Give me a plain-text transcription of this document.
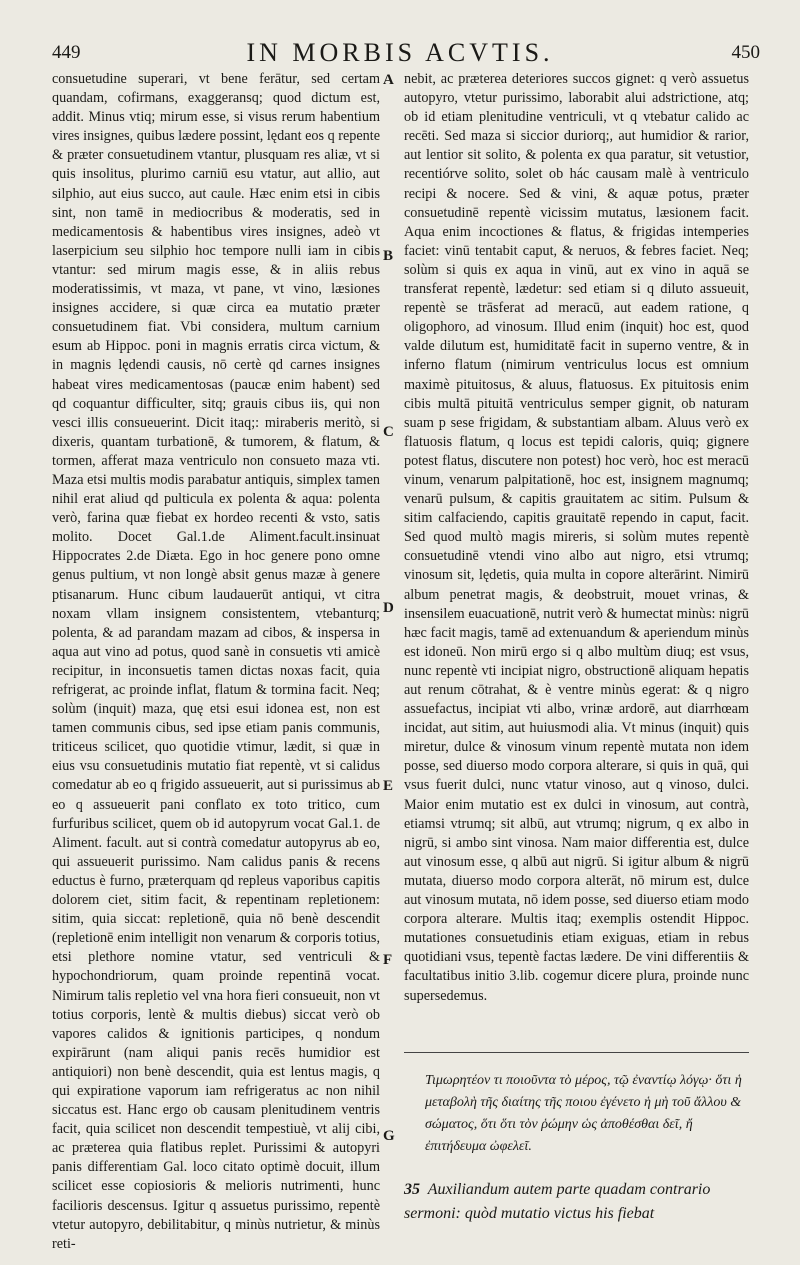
449	IN MORBIS ACVTIS.	450

consuetudine superari, vt bene ferātur, sed certam quandam, cofirmans, exaggeransq; quod dictum est, addit. Minus vtiq; mirum esse, si visus rerum habentium vires insignes, quibus lædere possint, lędant eos q repente & præter consuetudinem vtantur, plusquam res aliæ, vt si quis insolitus, plurimo carniū esu vtatur, aut allio, aut silphio, aut eius succo, aut caule. Hæc enim etsi in cibis sint, non tamē in mediocribus & moderatis, sed in medicamentosis & habentibus vires insignes, adeò vt laserpicium seu silphio hoc tempore nulli iam in cibis vtantur: sed mirum magis esse, & in aliis rebus moderatissimis, vt maza, vt pane, vt vino, læsiones insignes accidere, si quæ circa ea mutatio præter consuetudinem fiat. Vbi considera, multum carnium esum ab Hippoc. poni in magnis erratis circa victum, & in magnis lędendi causis, nō certè qd carnes insignes habeat vires medicamentosas (paucæ enim habent) sed qd coquantur difficulter, sitq; grauis cibus iis, qui non vesci illis consueuerint. Dicit itaq;: miraberis meritò, si dixeris, quantam turbationē, & tumorem, & flatum, & tormen, afferat maza ventriculo non consueto maza vti. Maza etsi multis modis parabatur antiquis, simplex tamen nihil erat aliud qd pulticula ex polenta & aqua: polenta verò, farina quæ fiebat ex hordeo recenti & vsto, satis molito. Docet Gal.1.de Aliment.facult.insinuat Hippocrates 2.de Diæta. Ego in hoc genere pono omne genus pultium, vt non longè absit genus mazæ à genere ptisanarum. Hunc cibum laudauerūt antiqui, vt citra noxam vllam insignem consistentem, vtebanturq; polenta, & ad parandam mazam ad cibos, & inspersa in aqua aut vino ad potus, quod sanè in consuetis vti amicè recipitur, in inconsuetis tamen dictas noxas facit, quia refrigerat, ac proinde inflat, flatum & tormina facit. Neq; solùm (inquit) maza, quę etsi esui idonea est, non est tamen communis cibus, sed ipse etiam panis communis, triticeus scilicet, quo quotidie vtimur, lædit, si quæ in eius vsu consuetudinis mutatio fiat repentè, vt si calidus comedatur ab eo q frigido assueuerit, aut si purissimus ab eo q assueuerit pani conflato ex toto tritico, cum furfuribus scilicet, quem ob id autopyrum vocat Gal.1. de Aliment. facult. aut si contrà comedatur autopyrus ab eo, qui assueuerit purissimo. Nam calidus panis & recens eductus è furno, præterquam qd repleus vaporibus capitis dolorem ciet, sitim facit, & repentinam repletionem: sitim, quia siccat: repletionē, quia nō benè descendit (repletionē enim intelligit non venarum & corporis totius, etsi plethore nomine vtatur, sed ventriculi & hypochondriorum, quam proinde repentinā vocat. Nimirum talis repletio vel vna hora fieri consueuit, non vt totius corporis, lentè & multis diebus) siccat verò ob vapores calidos & ignitionis participes, q nondum expirārunt (nam aliqui panis recēs humidior est antiquiori) non benè descendit, quia est lentus magis, q qui expiratione vaporum iam refrigeratus ac non nihil siccatus est. Hanc ergo ob causam plenitudinem ventris facit, quia scilicet non descendit tempestiuè, vt alij cibi, ac præterea quia flatibus replet. Purissimi & autopyri panis differentiam Gal. loco citato optimè docuit, illum scilicet esse copiosioris & melioris nutrimenti, hunc facilioris descensus. Igitur q assuetus purissimo, repentè vtetur autopyro, debilitabitur, q minùs nutrietur, & minùs reti-

A
B
C
D
E
F
G

nebit, ac præterea deteriores succos gignet: q verò assuetus autopyro, vtetur purissimo, laborabit alui adstrictione, atq; ob id etiam plenitudine ventriculi, vt q vtebatur calido ac recēti. Sed maza si siccior duriorq;, aut humidior & rarior, aut lentior sit solito, & polenta ex qua paratur, sit vetustior, recentiórve solito, solet ob hác causam malè à ventriculo recipi & nocere. Sed & vini, & aquæ potus, præter consuetudinē repentè vicissim mutatus, læsionem facit. Aqua enim incoctiones & flatus, & frigidas intemperies faciet: vinū tentabit caput, & neruos, & febres faciet. Neq; solùm si quis ex aqua in vinū, aut ex vino in aquā se transferat repentè, lædetur: sed etiam si q diluto assueuit, repentè se trāsferat ad meracū, aut eadem ratione, q oligophoro, ad vinosum. Illud enim (inquit) hoc est, quod valde dilutum est, humiditatē facit in superno ventre, & in inferno flatum (nimirum ventriculus locus est omnium maximè pituitosus, & aluus, flatuosus. Ex pituitosis enim cibis multā pituitā ventriculus semper gignit, ob naturam suam p sese frigidam, & substantiam albam. Aluus verò ex flatuosis flatum, q locus est tepidi caloris, quiq; gignere potest flatus, discutere non potest) hoc verò, hoc est meracū vinum, venarum palpitationē, hoc est, insignem magnumq; venarū pulsum, & capitis grauitatem ac sitim. Pulsum & sitim calfaciendo, capitis grauitatē rependo in caput, facit. Sed quod multò magis mireris, si solùm mutes repentè consuetudinē vtendi vino albo aut nigro, etsi vtrumq; vinosum sit, lędetis, quia multa in copore alterārint. Nimirū album penetrat magis, & deobstruit, mouet vrinas, & insensilem euacuationē, nutrit verò & humectat minùs: nigrū hæc facit magis, tamē ad extenuandum & aperiendum minùs est idoneū. Non mirū ergo si q albo multùm diuq; est vsus, nunc repentè vti incipiat nigro, obstructionē aliquam hepatis aut renum cōtrahat, & è ventre minùs egerat: & q nigro assuefactus, incipiat vti albo, vrinæ ardorē, aut diarrhœam incidat, aut sitim, aut huiusmodi alia. Vt minus (inquit) quis miretur, dulce & vinosum vinum repentè mutata non idem posse, sed diuerso modo corpora alterare, si quis in quā, qui vsus fuerit dulci, nunc vtatur vinoso, aut q vinoso, dulci. Maior enim mutatio est ex dulci in vinosum, aut contrà, etiamsi vtrumq; sit albū, aut vtrumq; nigrum, q ex albo in nigrū, si ambo sint vinosa. Nam maior differentia est, dulce aut vinosum esse, q albū aut nigrū. Si igitur album & nigrū mutata, diuerso modo corpora alterāt, nō mirum est, dulce aut vinosum mutata, nō idem posse, sed diuerso etiam modo corpora alterare. Multis itaq; exemplis ostendit Hippoc. mutationes consuetudinis etiam exiguas, etiam in rebus quotidiani vsus, tepentè factas lædere. De vini differentiis & facultatibus initio 3.lib. cogemur dicere plura, proinde nunc supersedemus.

Τιμωρητέον τι ποιοῦντα τὸ μέρος, τῷ ἐναντίῳ λόγῳ· ὅτι ἡ μεταβολὴ τῆς διαίτης τῆς ποιου ἐγένετο ἡ μὴ τοῦ ἄλλου & σώματος, ὅτι ὅτι τὸν ῥώμην ὡς ἀποθέσθαι δεῖ, ἤ ἐπιτήδευμα ὠφελεῖ.
35 Auxiliandum autem parte quadam contrario sermoni: quòd mutatio victus his fiebat
